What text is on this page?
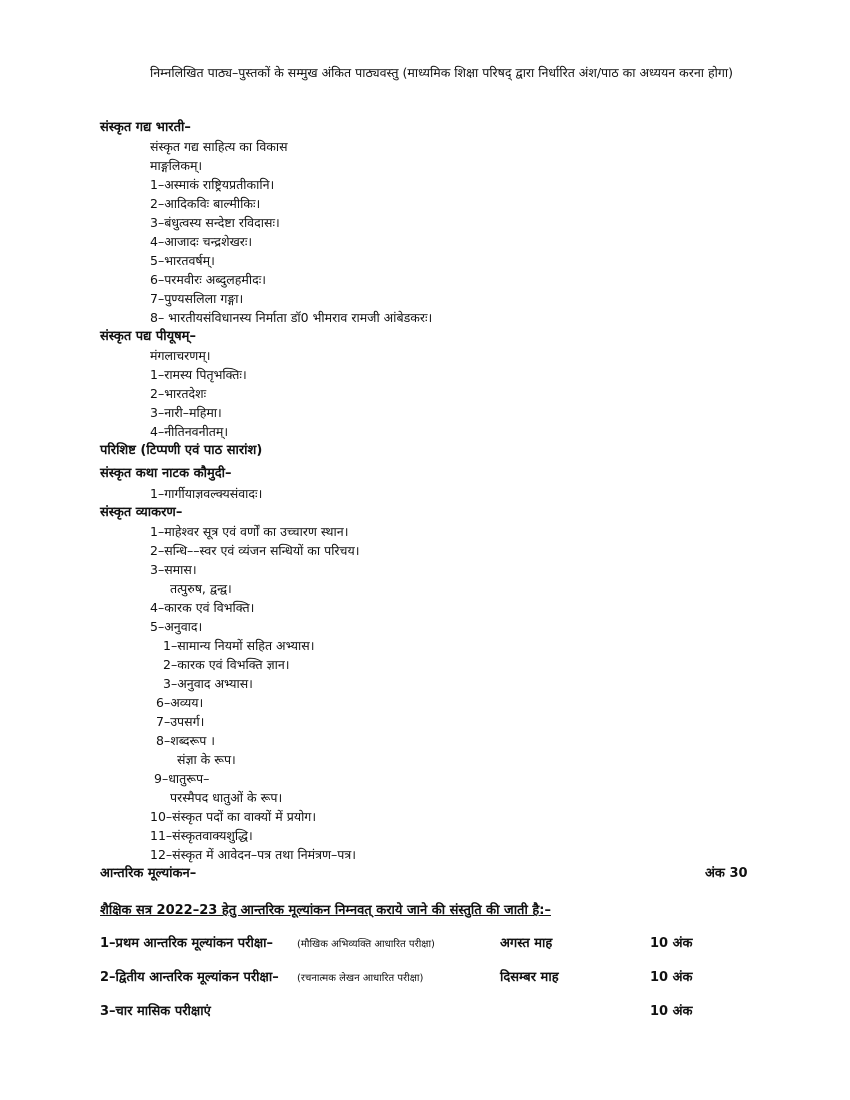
निम्नलिखित पाठ्य–पुस्तकों के सम्मुख अंकित पाठ्यवस्तु (माध्यमिक शिक्षा परिषद् द्वारा निर्धारित अंश/पाठ का अध्ययन करना होगा)
संस्कृत गद्य भारती–
संस्कृत गद्य साहित्य का विकास
माङ्गलिकम्।
1–अस्माकं राष्ट्रियप्रतीकानि।
2–आदिकविः बाल्मीकिः।
3–बंधुत्वस्य सन्देष्टा रविदासः।
4–आजादः चन्द्रशेखरः।
5–भारतवर्षम्।
6–परमवीरः अब्दुलहमीदः।
7–पुण्यसलिला गङ्गा।
8– भारतीयसंविधानस्य निर्माता डॉ0 भीमराव रामजी आंबेडकरः।
संस्कृत पद्य पीयूषम्–
मंगलाचरणम्।
1–रामस्य पितृभक्तिः।
2–भारतदेशः
3–नारी–महिमा।
4–नीतिनवनीतम्।
परिशिष्ट (टिप्पणी एवं पाठ सारांश)
संस्कृत कथा नाटक कौमुदी–
1–गार्गीयाज्ञवल्क्यसंवादः।
संस्कृत व्याकरण–
1–माहेश्वर सूत्र एवं वर्णों का उच्चारण स्थान।
2–सन्धि––स्वर एवं व्यंजन सन्धियों का परिचय।
3–समास।
तत्पुरुष, द्वन्द्व।
4–कारक एवं विभक्ति।
5–अनुवाद।
1–सामान्य नियमों सहित अभ्यास।
2–कारक एवं विभक्ति ज्ञान।
3–अनुवाद अभ्यास।
6–अव्यय।
7–उपसर्ग।
8–शब्दरूप ।
संज्ञा के रूप।
9–धातुरूप–
परस्मैपद धातुओं के रूप।
10–संस्कृत पदों का वाक्यों में प्रयोग।
11–संस्कृतवाक्यशुद्धि।
12–संस्कृत में आवेदन–पत्र तथा निमंत्रण–पत्र।
आन्तरिक मूल्यांकन–	अंक 30
शैक्षिक सत्र 2022–23 हेतु आन्तरिक मूल्यांकन निम्नवत् कराये जाने की संस्तुति की जाती है:–
1–प्रथम आन्तरिक मूल्यांकन परीक्षा– (मौखिक अभिव्यक्ति आधारित परीक्षा)	अगस्त माह	10 अंक
2–द्वितीय आन्तरिक मूल्यांकन परीक्षा– (रचनात्मक लेखन आधारित परीक्षा)	दिसम्बर माह	10 अंक
3–चार मासिक परीक्षाएं	10 अंक
